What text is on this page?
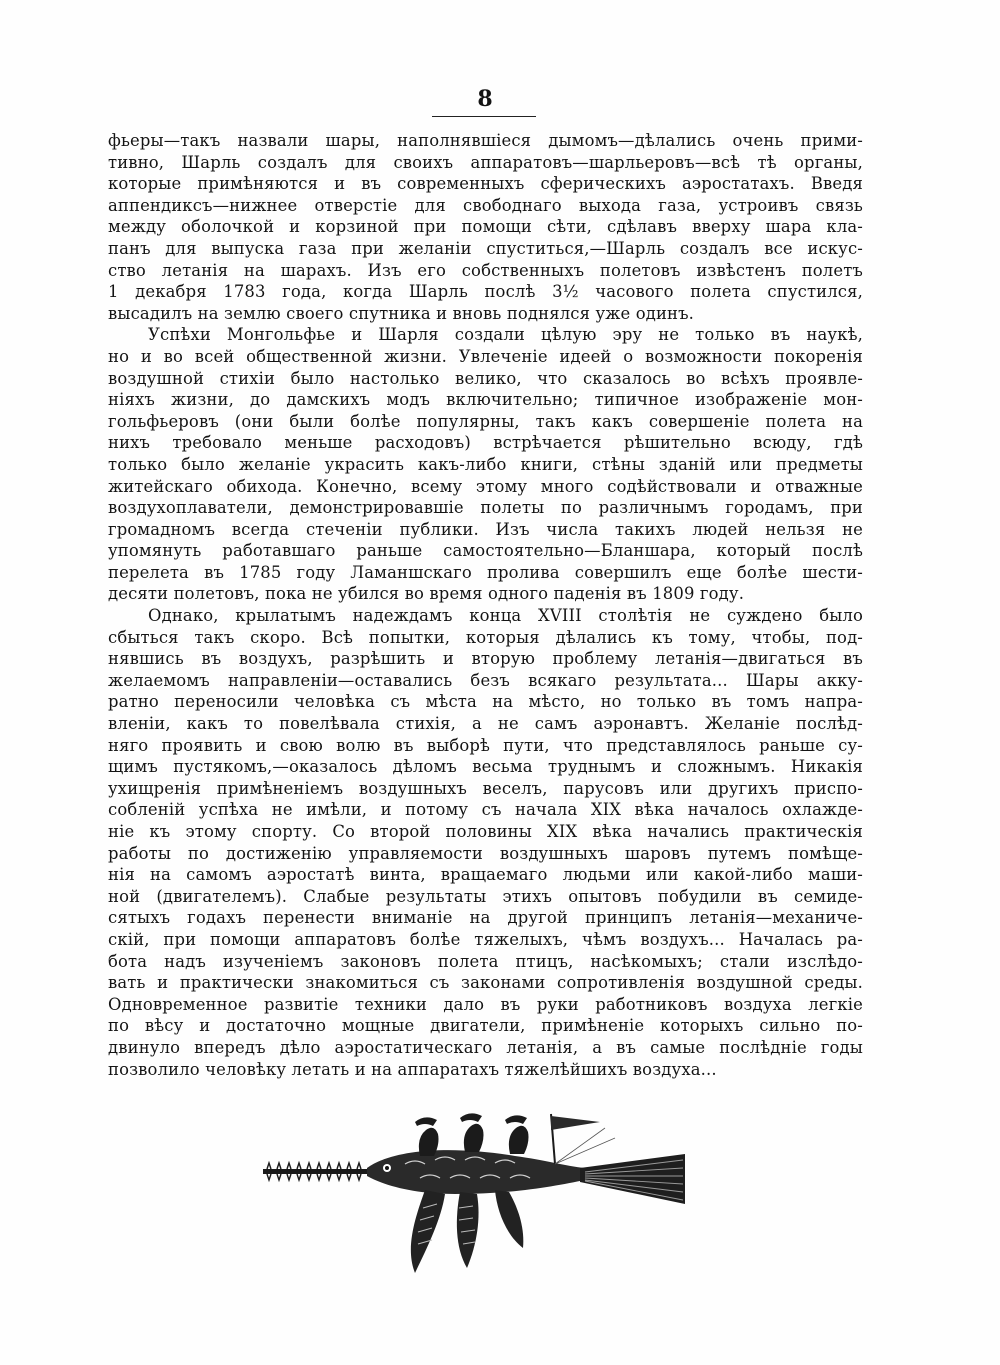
8
фьеры—такъ назвали шары, наполнявшіеся дымомъ—дѣлались очень прими-
тивно, Шарль создалъ для своихъ аппаратовъ—шарльеровъ—всѣ тѣ органы,
которые примѣняются и въ современныхъ сферическихъ аэростатахъ. Введя
аппендиксъ—нижнее отверстіе для свободнаго выхода газа, устроивъ связь
между оболочкой и корзиной при помощи сѣти, сдѣлавъ вверху шара кла-
панъ для выпуска газа при желаніи спуститься,—Шарль создалъ все искус-
ство летанія на шарахъ. Изъ его собственныхъ полетовъ извѣстенъ полетъ
1 декабря 1783 года, когда Шарль послѣ 3½ часового полета спустился,
высадилъ на землю своего спутника и вновь поднялся уже одинъ.
Успѣхи Монгольфье и Шарля создали цѣлую эру не только въ наукѣ,
но и во всей общественной жизни. Увлеченіе идеей о возможности покоренія
воздушной стихіи было настолько велико, что сказалось во всѣхъ проявле-
ніяхъ жизни, до дамскихъ модъ включительно; типичное изображеніе мон-
гольфьеровъ (они были болѣе популярны, такъ какъ совершеніе полета на
нихъ требовало меньше расходовъ) встрѣчается рѣшительно всюду, гдѣ
только было желаніе украсить какъ-либо книги, стѣны зданій или предметы
житейскаго обихода. Конечно, всему этому много содѣйствовали и отважные
воздухоплаватели, демонстрировавшіе полеты по различнымъ городамъ, при
громадномъ всегда стеченіи публики. Изъ числа такихъ людей нельзя не
упомянуть работавшаго раньше самостоятельно—Бланшара, который послѣ
перелета въ 1785 году Ламаншскаго пролива совершилъ еще болѣе шести-
десяти полетовъ, пока не убился во время одного паденія въ 1809 году.
Однако, крылатымъ надеждамъ конца XVIII столѣтія не суждено было
сбыться такъ скоро. Всѣ попытки, которыя дѣлались къ тому, чтобы, под-
нявшись въ воздухъ, разрѣшить и вторую проблему летанія—двигаться въ
желаемомъ направленіи—оставались безъ всякаго результата... Шары акку-
ратно переносили человѣка съ мѣста на мѣсто, но только въ томъ напра-
вленіи, какъ то повелѣвала стихія, а не самъ аэронавтъ. Желаніе послѣд-
няго проявить и свою волю въ выборѣ пути, что представлялось раньше су-
щимъ пустякомъ,—оказалось дѣломъ весьма труднымъ и сложнымъ. Никакія
ухищренія примѣненіемъ воздушныхъ веселъ, парусовъ или другихъ приспо-
собленій успѣха не имѣли, и потому съ начала XIX вѣка началось охлажде-
ніе къ этому спорту. Со второй половины XIX вѣка начались практическія
работы по достиженію управляемости воздушныхъ шаровъ путемъ помѣще-
нія на самомъ аэростатѣ винта, вращаемаго людьми или какой-либо маши-
ной (двигателемъ). Слабые результаты этихъ опытовъ побудили въ семиде-
сятыхъ годахъ перенести вниманіе на другой принципъ летанія—механиче-
скій, при помощи аппаратовъ болѣе тяжелыхъ, чѣмъ воздухъ... Началась ра-
бота надъ изученіемъ законовъ полета птицъ, насѣкомыхъ; стали изслѣдо-
вать и практически знакомиться съ законами сопротивленія воздушной среды.
Одновременное развитіе техники дало въ руки работниковъ воздуха легкіе
по вѣсу и достаточно мощные двигатели, примѣненіе которыхъ сильно по-
двинуло впередъ дѣло аэростатическаго летанія, а въ самые послѣдніе годы
позволило человѣку летать и на аппаратахъ тяжелѣйшихъ воздуха...
